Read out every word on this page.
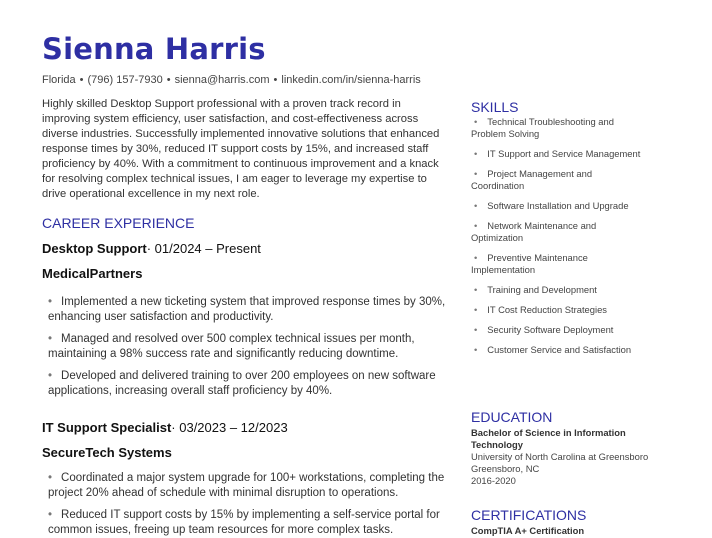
Sienna Harris
Florida • (796) 157-7930 • sienna@harris.com • linkedin.com/in/sienna-harris

Highly skilled Desktop Support professional with a proven track record in improving system efficiency, user satisfaction, and cost-effectiveness across diverse industries. Successfully implemented innovative solutions that enhanced response times by 30%, reduced IT support costs by 15%, and increased staff proficiency by 40%. With a commitment to continuous improvement and a knack for resolving complex technical issues, I am eager to leverage my expertise to drive operational excellence in my next role.

CAREER EXPERIENCE
Desktop Support· 01/2024 – Present
MedicalPartners
• Implemented a new ticketing system that improved response times by 30%, enhancing user satisfaction and productivity.
• Managed and resolved over 500 complex technical issues per month, maintaining a 98% success rate and significantly reducing downtime.
• Developed and delivered training to over 200 employees on new software applications, increasing overall staff proficiency by 40%.
IT Support Specialist· 03/2023 – 12/2023
SecureTech Systems
• Coordinated a major system upgrade for 100+ workstations, completing the project 20% ahead of schedule with minimal disruption to operations.
• Reduced IT support costs by 15% by implementing a self-service portal for common issues, freeing up team resources for more complex tasks.
SKILLS
• Technical Troubleshooting and Problem Solving
• IT Support and Service Management
• Project Management and Coordination
• Software Installation and Upgrade
• Network Maintenance and Optimization
• Preventive Maintenance Implementation
• Training and Development
• IT Cost Reduction Strategies
• Security Software Deployment
• Customer Service and Satisfaction
EDUCATION
Bachelor of Science in Information Technology
University of North Carolina at Greensboro
Greensboro, NC
2016-2020
CERTIFICATIONS
CompTIA A+ Certification
